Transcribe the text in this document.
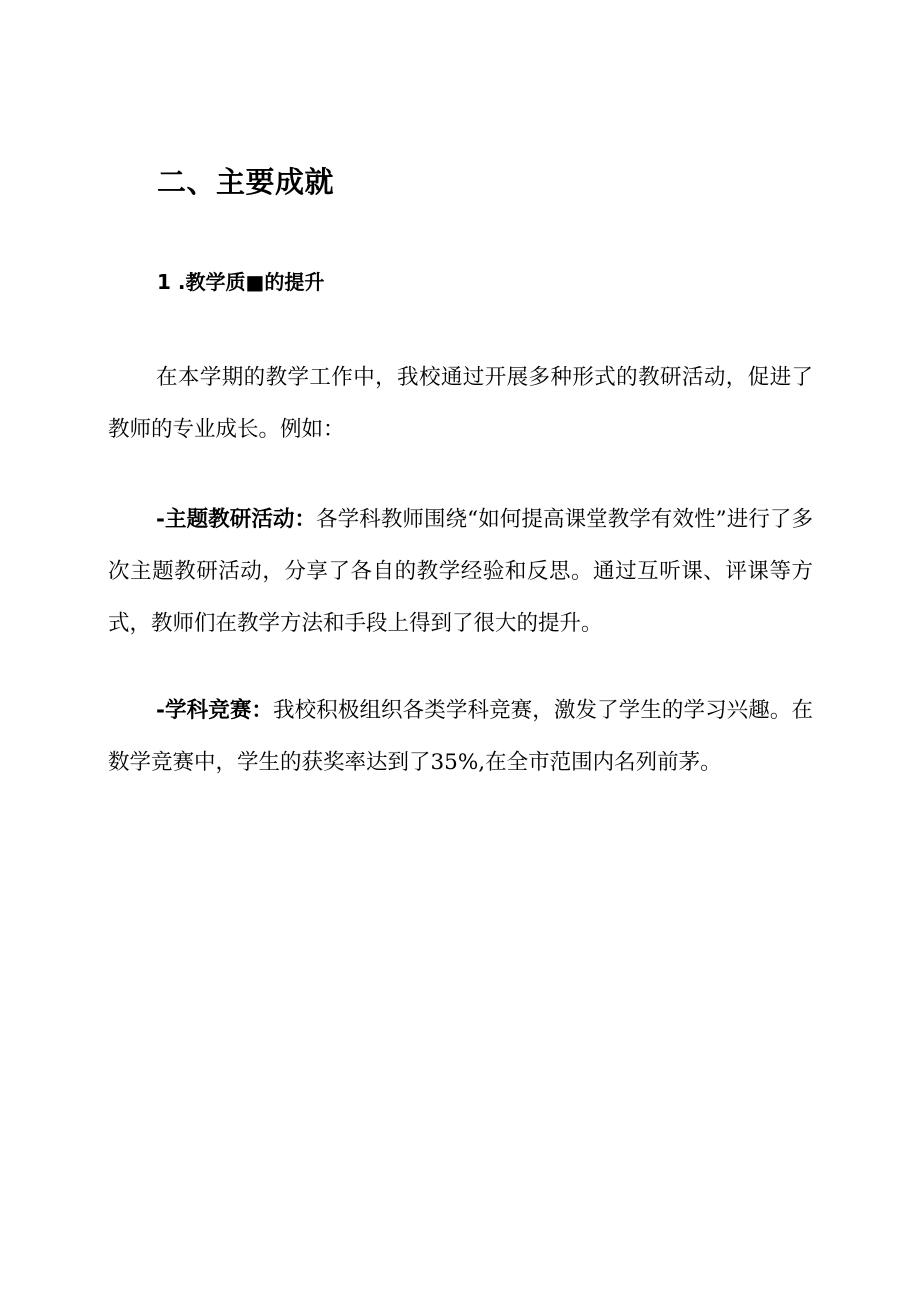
二、主要成就
1 .教学质■的提升

在本学期的教学工作中，我校通过开展多种形式的教研活动，促进了教师的专业成长。例如：

-主题教研活动：各学科教师围绕“如何提高课堂教学有效性”进行了多次主题教研活动，分享了各自的教学经验和反思。通过互听课、评课等方式，教师们在教学方法和手段上得到了很大的提升。

-学科竞赛：我校积极组织各类学科竞赛，激发了学生的学习兴趣。在数学竞赛中，学生的获奖率达到了35%,在全市范围内名列前茅。
